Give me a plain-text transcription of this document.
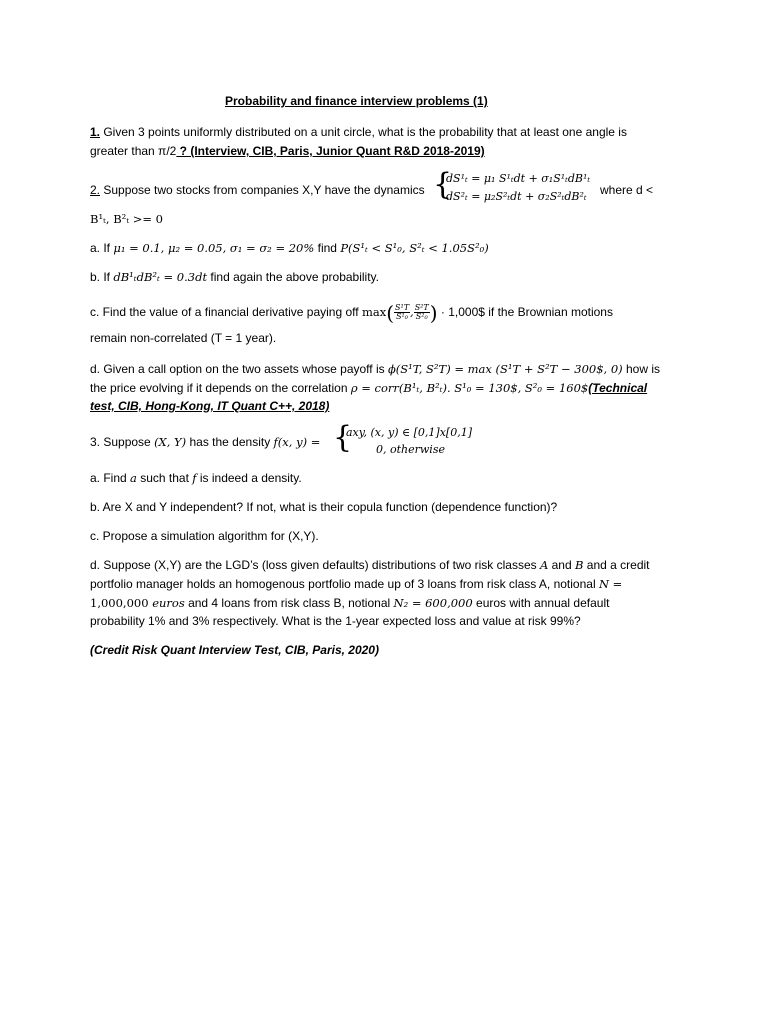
Probability and finance interview problems (1)
1. Given 3 points uniformly distributed on a unit circle, what is the probability that at least one angle is
greater than π/2 ? (Interview, CIB, Paris, Junior Quant R&D 2018-2019)
2. Suppose two stocks from companies X,Y have the dynamics {
dS¹ₜ = μ₁ S¹ₜdt + σ₁S¹ₜdB¹ₜ
dS²ₜ = μ₂S²ₜdt + σ₂S²ₜdB²ₜ where d <
B¹ₜ, B²ₜ >= 0
a. If μ₁ = 0.1, μ₂ = 0.05, σ₁ = σ₂ = 20% find P(S¹ₜ < S¹₀, S²ₜ < 1.05S²₀)
b. If dB¹ₜdB²ₜ = 0.3dt find again the above probability.
c. Find the value of a financial derivative paying off $\max( \frac{\text{S¹T}}{\text{S¹₀}}$ , $\frac{\text{S²T}}{\text{S²₀}}$ ) · 1,000$ if the Brownian motions
remain non-correlated (T = 1 year).
d. Given a call option on the two assets whose payoff is ϕ(S¹T, S²T) = max (S¹T + S²T − 300$, 0) how is
the price evolving if it depends on the correlation ρ = corr(B¹ₜ, B²ₜ). S¹₀ = 130$, S²₀ = 160$(Technical
test, CIB, Hong-Kong, IT Quant C++, 2018)
3. Suppose (X, Y) has the density f(x, y) = {
axy, (x, y) ∈ [0,1]x[0,1]
0, otherwise
a. Find a such that f is indeed a density.
b. Are X and Y independent? If not, what is their copula function (dependence function)?
c. Propose a simulation algorithm for (X,Y).
d. Suppose (X,Y) are the LGD’s (loss given defaults) distributions of two risk classes A and B and a credit
portfolio manager holds an homogenous portfolio made up of 3 loans from risk class A, notional N =
1,000,000 euros and 4 loans from risk class B, notional N₂ = 600,000 euros with annual default
probability 1% and 3% respectively. What is the 1-year expected loss and value at risk 99%?
(Credit Risk Quant Interview Test, CIB, Paris, 2020)
